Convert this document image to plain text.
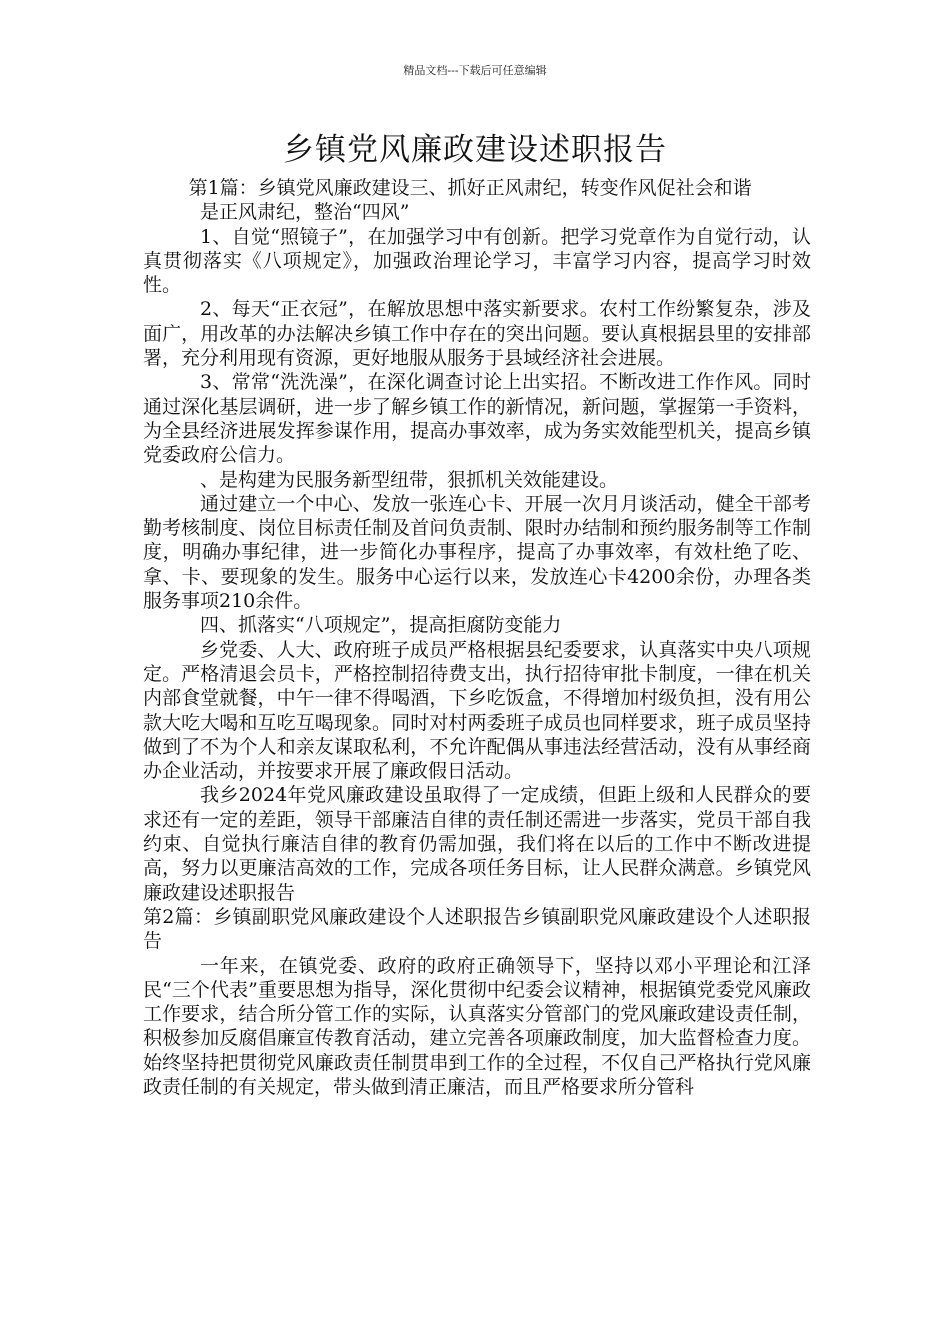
精品文档---下载后可任意编辑
乡镇党风廉政建设述职报告

第1篇：乡镇党风廉政建设三、抓好正风肃纪，转变作风促社会和谐

是正风肃纪，整治“四风”

1、自觉“照镜子”，在加强学习中有创新。把学习党章作为自觉行动，认真贯彻落实《八项规定》，加强政治理论学习，丰富学习内容，提高学习时效性。

2、每天“正衣冠”，在解放思想中落实新要求。农村工作纷繁复杂，涉及面广，用改革的办法解决乡镇工作中存在的突出问题。要认真根据县里的安排部署，充分利用现有资源，更好地服从服务于县域经济社会进展。

3、常常“洗洗澡”，在深化调查讨论上出实招。不断改进工作作风。同时通过深化基层调研，进一步了解乡镇工作的新情况，新问题，掌握第一手资料，为全县经济进展发挥参谋作用，提高办事效率，成为务实效能型机关，提高乡镇党委政府公信力。

、是构建为民服务新型纽带，狠抓机关效能建设。

通过建立一个中心、发放一张连心卡、开展一次月月谈活动，健全干部考勤考核制度、岗位目标责任制及首问负责制、限时办结制和预约服务制等工作制度，明确办事纪律，进一步简化办事程序，提高了办事效率，有效杜绝了吃、拿、卡、要现象的发生。服务中心运行以来，发放连心卡4200余份，办理各类服务事项210余件。

四、抓落实“八项规定”，提高拒腐防变能力

乡党委、人大、政府班子成员严格根据县纪委要求，认真落实中央八项规定。严格清退会员卡，严格控制招待费支出，执行招待审批卡制度，一律在机关内部食堂就餐，中午一律不得喝酒，下乡吃饭盒，不得增加村级负担，没有用公款大吃大喝和互吃互喝现象。同时对村两委班子成员也同样要求，班子成员坚持做到了不为个人和亲友谋取私利，不允许配偶从事违法经营活动，没有从事经商办企业活动，并按要求开展了廉政假日活动。

我乡2024年党风廉政建设虽取得了一定成绩，但距上级和人民群众的要求还有一定的差距，领导干部廉洁自律的责任制还需进一步落实，党员干部自我约束、自觉执行廉洁自律的教育仍需加强，我们将在以后的工作中不断改进提高，努力以更廉洁高效的工作，完成各项任务目标，让人民群众满意。乡镇党风廉政建设述职报告

第2篇：乡镇副职党风廉政建设个人述职报告乡镇副职党风廉政建设个人述职报告

一年来，在镇党委、政府的政府正确领导下，坚持以邓小平理论和江泽民“三个代表”重要思想为指导，深化贯彻中纪委会议精神，根据镇党委党风廉政工作要求，结合所分管工作的实际，认真落实分管部门的党风廉政建设责任制，积极参加反腐倡廉宣传教育活动，建立完善各项廉政制度，加大监督检查力度。始终坚持把贯彻党风廉政责任制贯串到工作的全过程，不仅自己严格执行党风廉政责任制的有关规定，带头做到清正廉洁，而且严格要求所分管科
